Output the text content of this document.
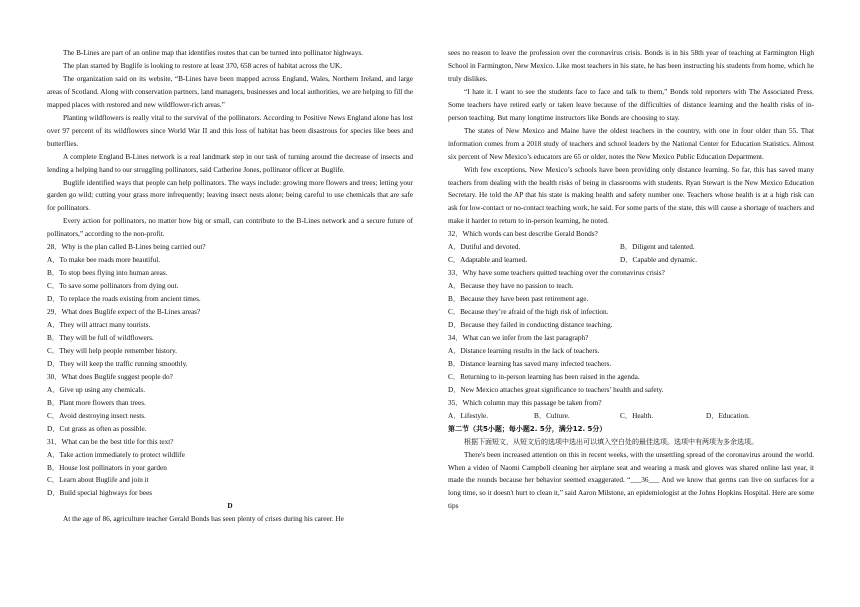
The B-Lines are part of an online map that identifies routes that can be turned into pollinator highways.

The plan started by Buglife is looking to restore at least 370, 658 acres of habitat across the UK.

The organization said on its website, “B-Lines have been mapped across England, Wales, Northern Ireland, and large areas of Scotland. Along with conservation partners, land managers, businesses and local authorities, we are helping to fill the mapped places with restored and new wildflower-rich areas.”

Planting wildflowers is really vital to the survival of the pollinators. According to Positive News England alone has lost over 97 percent of its wildflowers since World War II and this loss of habitat has been disastrous for species like bees and butterflies.

A complete England B-Lines network is a real landmark step in our task of turning around the decrease of insects and lending a helping hand to our struggling pollinators, said Catherine Jones, pollinator officer at Buglife.

Buglife identified ways that people can help pollinators. The ways include: growing more flowers and trees; letting your garden go wild; cutting your grass more infrequently; leaving insect nests alone; being careful to use chemicals that are safe for pollinators.

Every action for pollinators, no matter how big or small, can contribute to the B-Lines network and a secure future of pollinators,” according to the non-profit.

28．Why is the plan called B-Lines being carried out?

A．To make bee roads more beautiful.

B．To stop bees flying into human areas.

C．To save some pollinators from dying out.

D．To replace the roads existing from ancient times.

29．What does Buglife expect of the B-Lines areas?

A．They will attract many tourists.

B．They will be full of wildflowers.

C．They will help people remember history.

D．They will keep the traffic running smoothly.

30．What does Buglife suggest people do?

A．Give up using any chemicals.

B．Plant more flowers than trees.

C．Avoid destroying insect nests.

D．Cut grass as often as possible.

31．What can be the best title for this text?

A．Take action immediately to protect wildlife

B．House lost pollinators in your garden

C．Learn about Buglife and join it

D．Build special highways for bees

D

At the age of 86, agriculture teacher Gerald Bonds has seen plenty of crises during his career. He

sees no reason to leave the profession over the coronavirus crisis. Bonds is in his 58th year of teaching at Farmington High School in Farmington, New Mexico. Like most teachers in his state, he has been instructing his students from home, which he truly dislikes.

“I hate it. I want to see the students face to face and talk to them,” Bonds told reporters with The Associated Press. Some teachers have retired early or taken leave because of the difficulties of distance learning and the health risks of in-person teaching. But many longtime instructors like Bonds are choosing to stay.

The states of New Mexico and Maine have the oldest teachers in the country, with one in four older than 55. That information comes from a 2018 study of teachers and school leaders by the National Center for Education Statistics. Almost six percent of New Mexico’s educators are 65 or older, notes the New Mexico Public Education Department.

With few exceptions, New Mexico’s schools have been providing only distance learning. So far, this has saved many teachers from dealing with the health risks of being in classrooms with students. Ryan Stewart is the New Mexico Education Secretary. He told the AP that his state is making health and safety number one. Teachers whose health is at a high risk can ask for low-contact or no-contact teaching work, he said. For some parts of the state, this will cause a shortage of teachers and make it harder to return to in-person learning, he noted.

32．Which words can best describe Gerald Bonds?

A．Dutiful and devoted.	B．Diligent and talented.
C．Adaptable and learned.	D．Capable and dynamic.

33．Why have some teachers quitted teaching over the coronavirus crisis?

A．Because they have no passion to teach.

B．Because they have been past retirement age.

C．Because they’re afraid of the high risk of infection.

D．Because they failed in conducting distance teaching.

34．What can we infer from the last paragraph?

A．Distance learning results in the lack of teachers.

B．Distance learning has saved many infected teachers.

C．Returning to in-person learning has been raised in the agenda.

D．New Mexico attaches great significance to teachers’ health and safety.

35．Which column may this passage be taken from?

A．Lifestyle.	B．Culture.	C．Health.	D．Education.

第二节（共5小题；每小题2. 5分，满分12. 5分）

根据下面短文，从短文后的选项中选出可以填入空白处的最佳选项。选项中有两项为多余选项。

There's been increased attention on this in recent weeks, with the unsettling spread of the coronavirus around the world. When a video of Naomi Campbell cleaning her airplane seat and wearing a mask and gloves was shared online last year, it made the rounds because her behavior seemed exaggerated. “___36___ And we know that germs can live on surfaces for a long time, so it doesn't hurt to clean it,” said Aaron Milstone, an epidemiologist at the Johns Hopkins Hospital. Here are some tips
